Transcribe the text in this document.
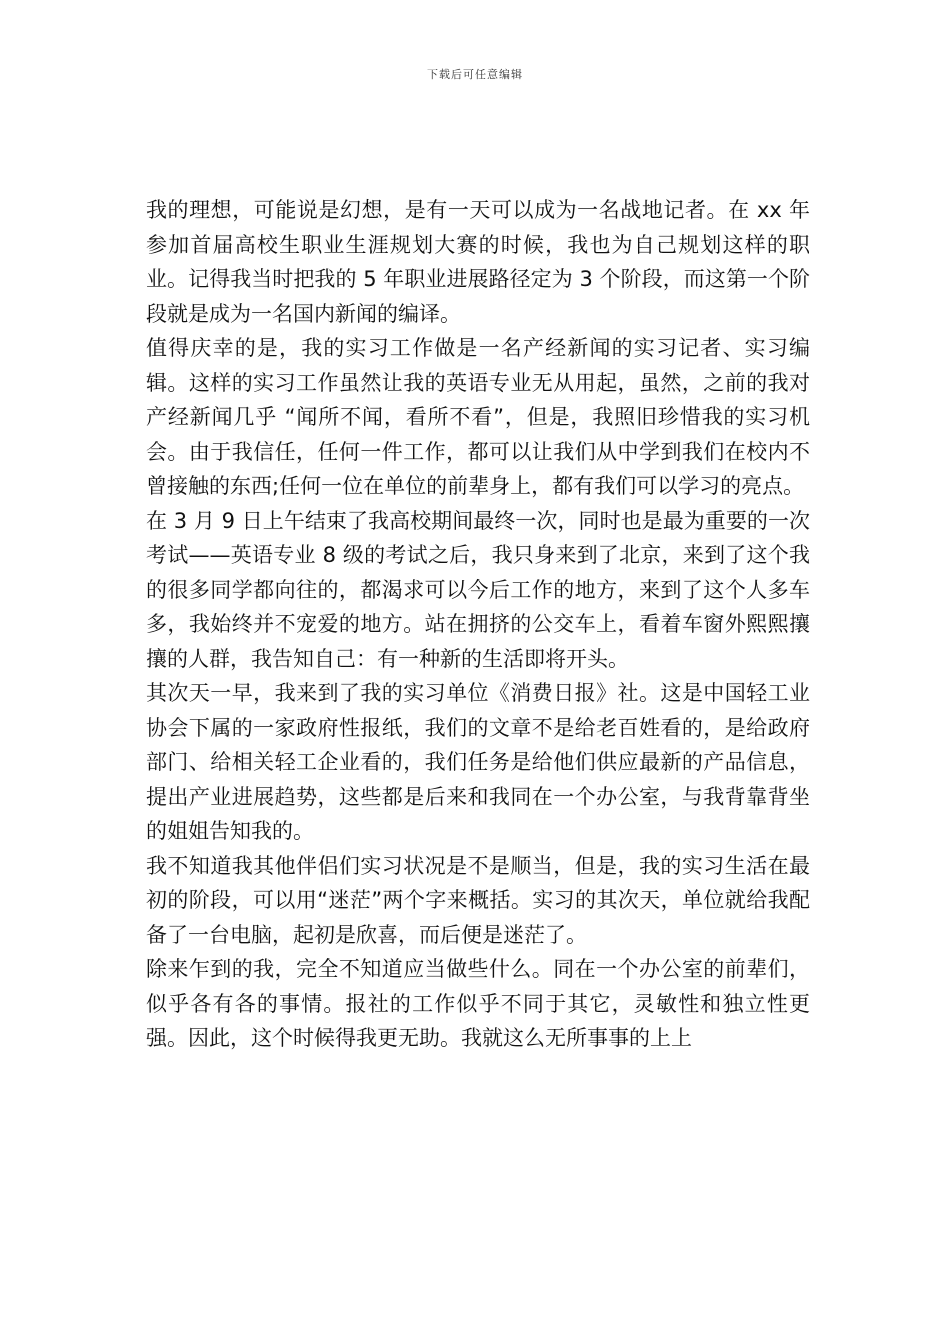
下载后可任意编辑

我的理想，可能说是幻想，是有一天可以成为一名战地记者。在 xx 年参加首届高校生职业生涯规划大赛的时候，我也为自己规划这样的职业。记得我当时把我的 5 年职业进展路径定为 3 个阶段，而这第一个阶段就是成为一名国内新闻的编译。

值得庆幸的是，我的实习工作做是一名产经新闻的实习记者、实习编辑。这样的实习工作虽然让我的英语专业无从用起，虽然，之前的我对产经新闻几乎 “闻所不闻，看所不看”，但是，我照旧珍惜我的实习机会。由于我信任，任何一件工作，都可以让我们从中学到我们在校内不曾接触的东西;任何一位在单位的前辈身上，都有我们可以学习的亮点。

在 3 月 9 日上午结束了我高校期间最终一次，同时也是最为重要的一次考试——英语专业 8 级的考试之后，我只身来到了北京，来到了这个我的很多同学都向往的，都渴求可以今后工作的地方，来到了这个人多车多，我始终并不宠爱的地方。站在拥挤的公交车上，看着车窗外熙熙攘攘的人群，我告知自己：有一种新的生活即将开头。

其次天一早，我来到了我的实习单位《消费日报》社。这是中国轻工业协会下属的一家政府性报纸，我们的文章不是给老百姓看的，是给政府部门、给相关轻工企业看的，我们任务是给他们供应最新的产品信息，提出产业进展趋势，这些都是后来和我同在一个办公室，与我背靠背坐的姐姐告知我的。

我不知道我其他伴侣们实习状况是不是顺当，但是，我的实习生活在最初的阶段，可以用“迷茫”两个字来概括。实习的其次天，单位就给我配备了一台电脑，起初是欣喜，而后便是迷茫了。

除来乍到的我，完全不知道应当做些什么。同在一个办公室的前辈们，似乎各有各的事情。报社的工作似乎不同于其它，灵敏性和独立性更强。因此，这个时候得我更无助。我就这么无所事事的上上
